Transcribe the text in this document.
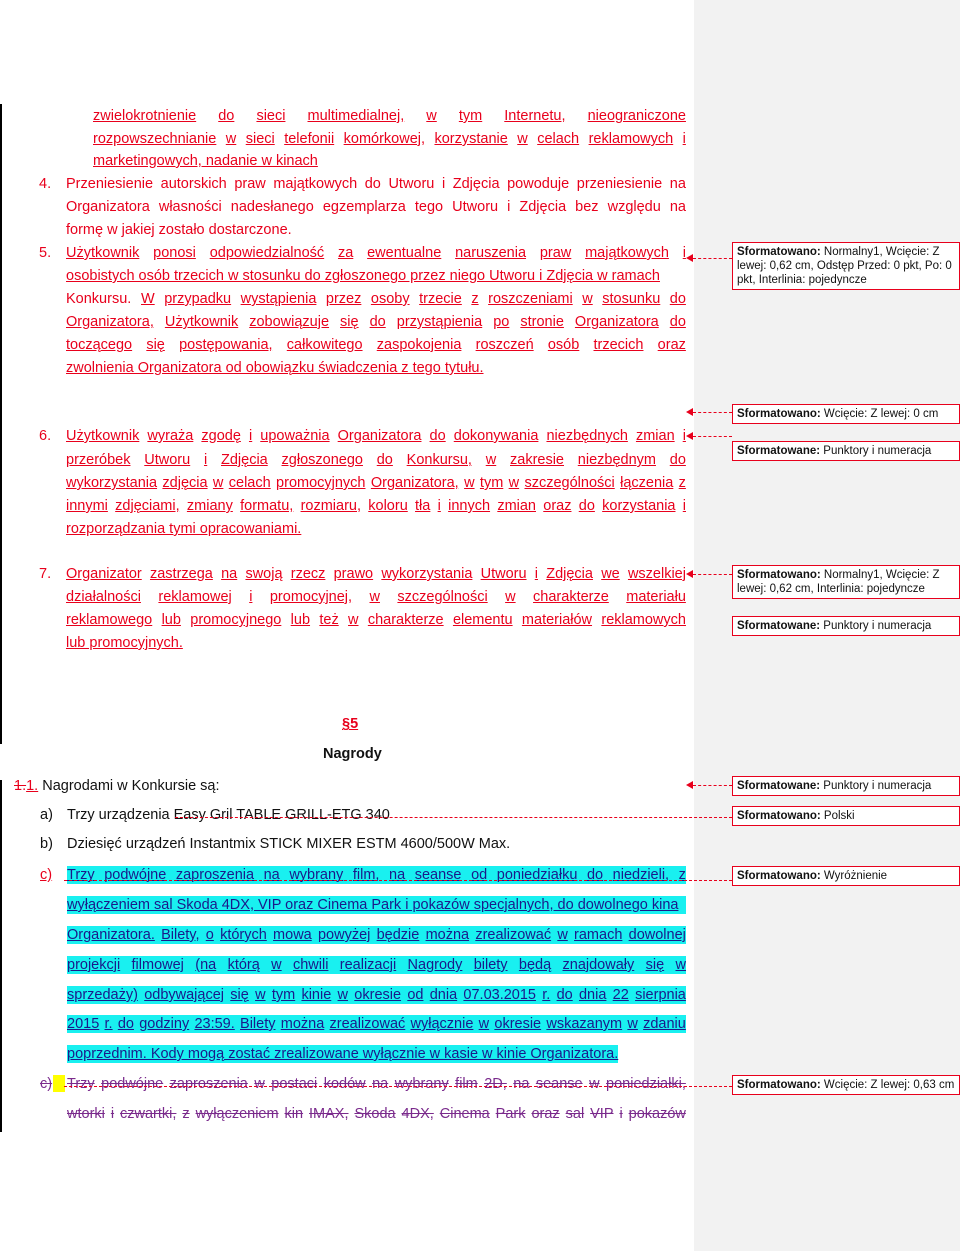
zwielokrotnienie do sieci multimedialnej, w tym Internetu, nieograniczone
rozpowszechnianie w sieci telefonii komórkowej, korzystanie w celach reklamowych i
marketingowych, nadanie w kinach
4. Przeniesienie autorskich praw majątkowych do Utworu i Zdjęcia powoduje przeniesienie na
Organizatora własności nadesłanego egzemplarza tego Utworu i Zdjęcia bez względu na
formę w jakiej zostało dostarczone.
5. Użytkownik ponosi odpowiedzialność za ewentualne naruszenia praw majątkowych i
osobistych osób trzecich w stosunku do zgłoszonego przez niego Utworu i Zdjęcia w ramach
Konkursu. W przypadku wystąpienia przez osoby trzecie z roszczeniami w stosunku do
Organizatora, Użytkownik zobowiązuje się do przystąpienia po stronie Organizatora do
toczącego się postępowania, całkowitego zaspokojenia roszczeń osób trzecich oraz
zwolnienia Organizatora od obowiązku świadczenia z tego tytułu.
6. Użytkownik wyraża zgodę i upoważnia Organizatora do dokonywania niezbędnych zmian i
przeróbek Utworu i Zdjęcia zgłoszonego do Konkursu, w zakresie niezbędnym do
wykorzystania zdjęcia w celach promocyjnych Organizatora, w tym w szczególności łączenia z
innymi zdjęciami, zmiany formatu, rozmiaru, koloru tła i innych zmian oraz do korzystania i
rozporządzania tymi opracowaniami.
7. Organizator zastrzega na swoją rzecz prawo wykorzystania Utworu i Zdjęcia we wszelkiej
działalności reklamowej i promocyjnej, w szczególności w charakterze materiału
reklamowego lub promocyjnego lub też w charakterze elementu materiałów reklamowych
lub promocyjnych.
§5
Nagrody
1.1. Nagrodami w Konkursie są:
a) Trzy urządzenia Easy Gril TABLE GRILL-ETG 340
b) Dziesięć urządzeń Instantmix STICK MIXER ESTM 4600/500W Max.
c) Trzy podwójne zaproszenia na wybrany film, na seanse od poniedziałku do niedzieli, z
wyłączeniem sal Skoda 4DX, VIP oraz Cinema Park i pokazów specjalnych, do dowolnego kina
Organizatora. Bilety, o których mowa powyżej będzie można zrealizować w ramach dowolnej
projekcji filmowej (na którą w chwili realizacji Nagrody bilety będą znajdowały się w
sprzedaży) odbywającej się w tym kinie w okresie od dnia 07.03.2015 r. do dnia 22 sierpnia
2015 r. do godziny 23:59. Bilety można zrealizować wyłącznie w okresie wskazanym w zdaniu
poprzednim. Kody mogą zostać zrealizowane wyłącznie w kasie w kinie Organizatora.
c) Trzy podwójne zaproszenia w postaci kodów na wybrany film 2D, na seanse w poniedziałki,
wtorki i czwartki, z wyłączeniem kin IMAX, Skoda 4DX, Cinema Park oraz sal VIP i pokazów
Sformatowano: Normalny1, Wcięcie: Z lewej: 0,62 cm, Odstęp Przed: 0 pkt, Po: 0 pkt, Interlinia: pojedyncze
Sformatowano: Wcięcie: Z lewej: 0 cm
Sformatowane: Punktory i numeracja
Sformatowano: Normalny1, Wcięcie: Z lewej: 0,62 cm, Interlinia: pojedyncze
Sformatowane: Punktory i numeracja
Sformatowane: Punktory i numeracja
Sformatowano: Polski
Sformatowano: Wyróżnienie
Sformatowano: Wcięcie: Z lewej: 0,63 cm
